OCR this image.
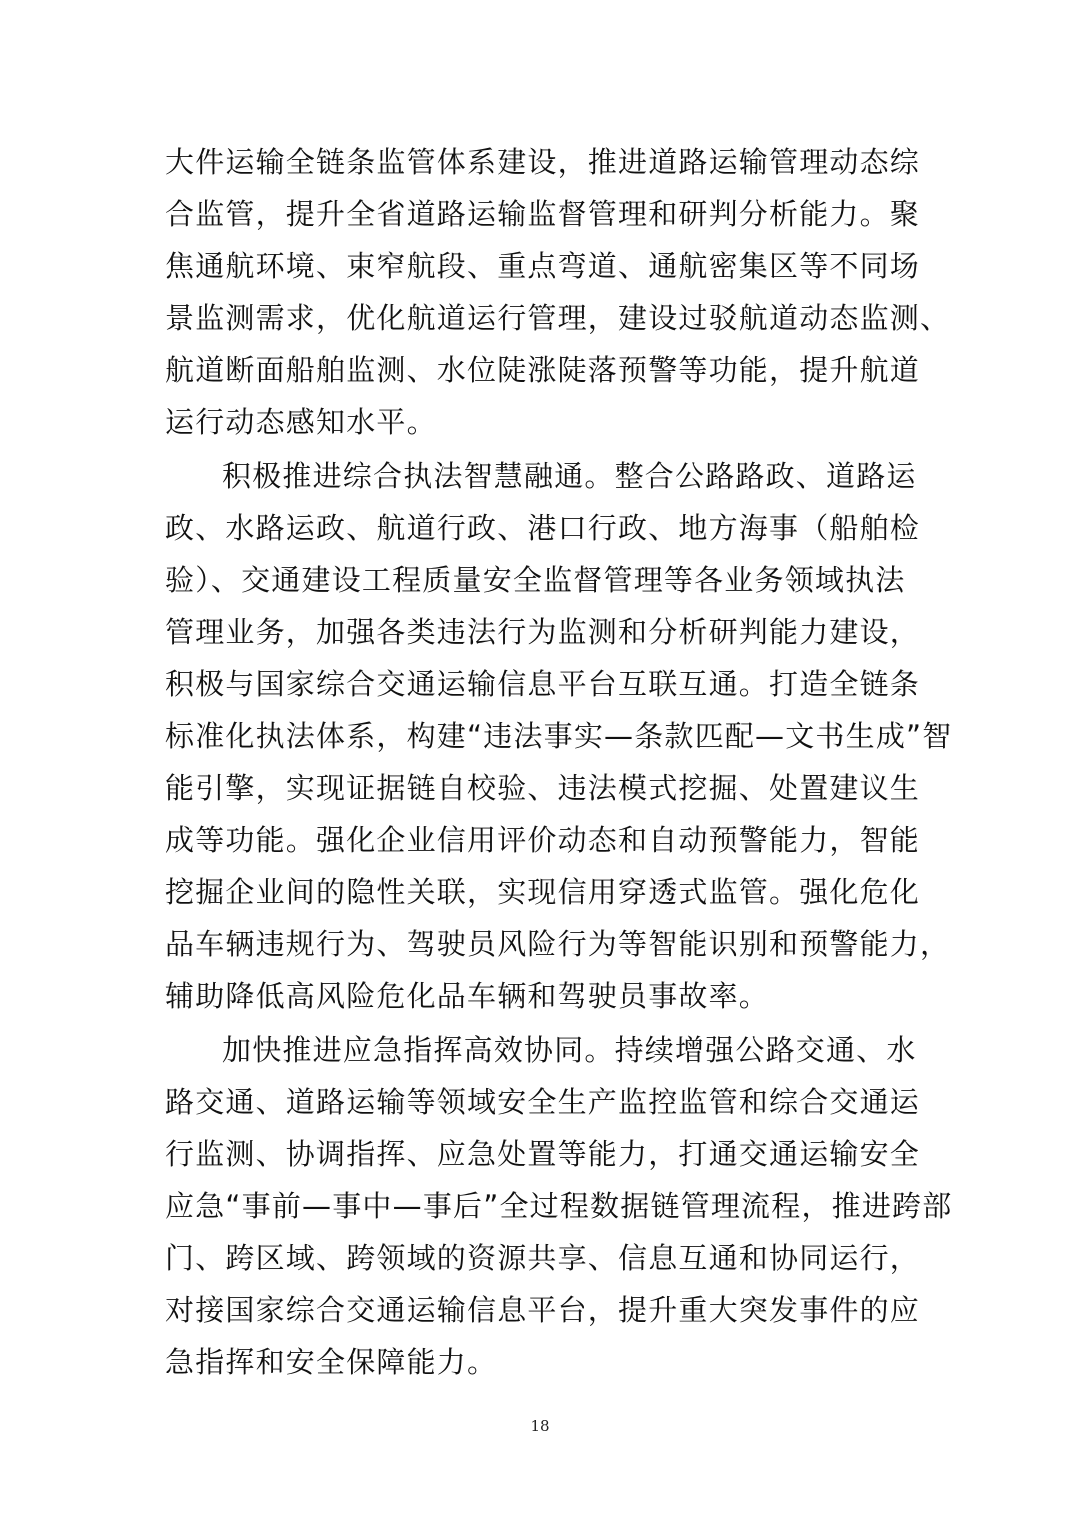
大件运输全链条监管体系建设，推进道路运输管理动态综
合监管，提升全省道路运输监督管理和研判分析能力。聚
焦通航环境、束窄航段、重点弯道、通航密集区等不同场
景监测需求，优化航道运行管理，建设过驳航道动态监测、
航道断面船舶监测、水位陡涨陡落预警等功能，提升航道
运行动态感知水平。
积极推进综合执法智慧融通。整合公路路政、道路运
政、水路运政、航道行政、港口行政、地方海事（船舶检
验）、交通建设工程质量安全监督管理等各业务领域执法
管理业务，加强各类违法行为监测和分析研判能力建设，
积极与国家综合交通运输信息平台互联互通。打造全链条
标准化执法体系，构建“违法事实—条款匹配—文书生成”智
能引擎，实现证据链自校验、违法模式挖掘、处置建议生
成等功能。强化企业信用评价动态和自动预警能力，智能
挖掘企业间的隐性关联，实现信用穿透式监管。强化危化
品车辆违规行为、驾驶员风险行为等智能识别和预警能力，
辅助降低高风险危化品车辆和驾驶员事故率。
加快推进应急指挥高效协同。持续增强公路交通、水
路交通、道路运输等领域安全生产监控监管和综合交通运
行监测、协调指挥、应急处置等能力，打通交通运输安全
应急“事前—事中—事后”全过程数据链管理流程，推进跨部
门、跨区域、跨领域的资源共享、信息互通和协同运行，
对接国家综合交通运输信息平台，提升重大突发事件的应
急指挥和安全保障能力。
18
